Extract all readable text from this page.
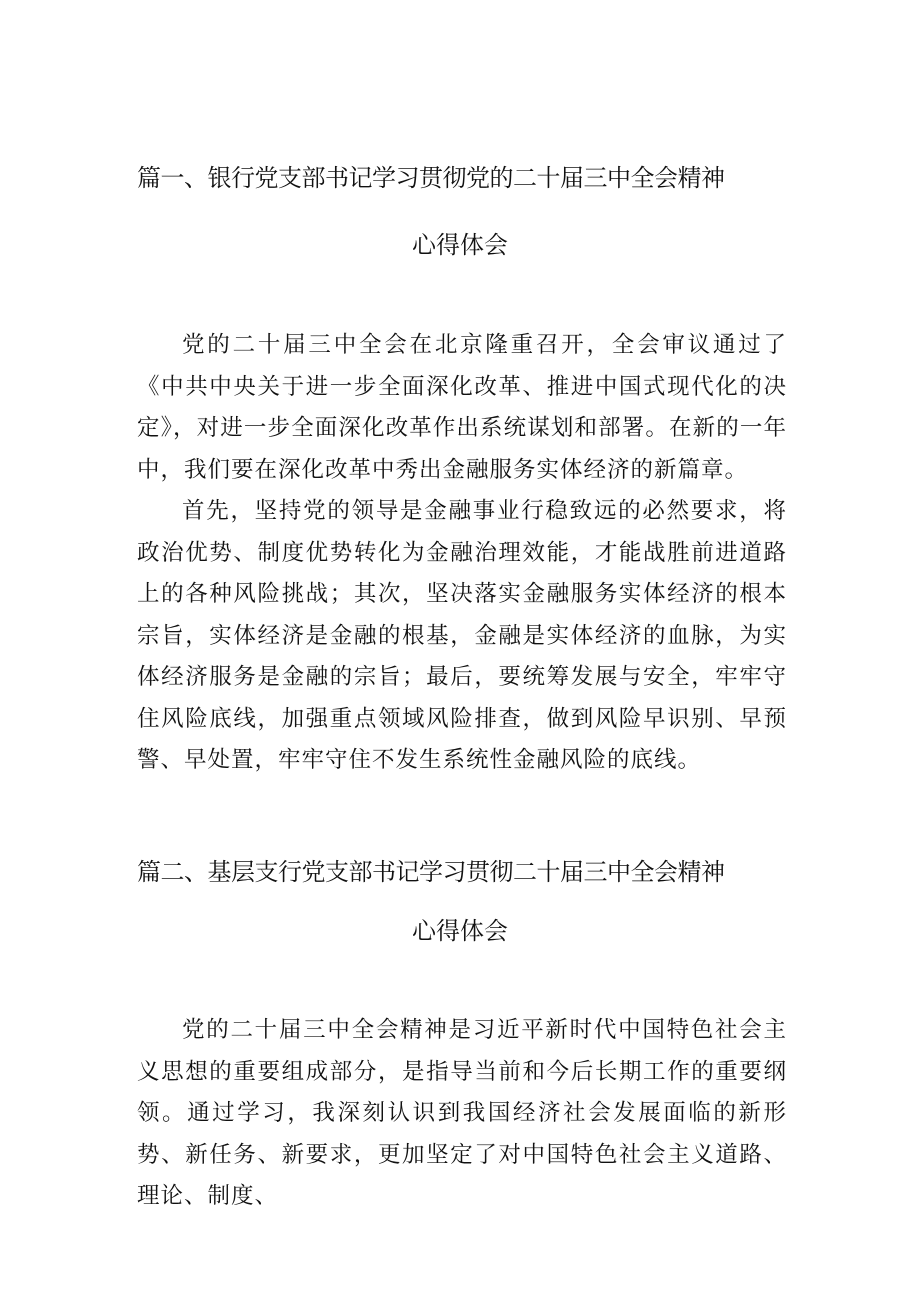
篇一、银行党支部书记学习贯彻党的二十届三中全会精神
心得体会

党的二十届三中全会在北京隆重召开，全会审议通过了《中共中央关于进一步全面深化改革、推进中国式现代化的决定》，对进一步全面深化改革作出系统谋划和部署。在新的一年中，我们要在深化改革中秀出金融服务实体经济的新篇章。

首先，坚持党的领导是金融事业行稳致远的必然要求，将政治优势、制度优势转化为金融治理效能，才能战胜前进道路上的各种风险挑战；其次，坚决落实金融服务实体经济的根本宗旨，实体经济是金融的根基，金融是实体经济的血脉，为实体经济服务是金融的宗旨；最后，要统筹发展与安全，牢牢守住风险底线，加强重点领域风险排查，做到风险早识别、早预警、早处置，牢牢守住不发生系统性金融风险的底线。

篇二、基层支行党支部书记学习贯彻二十届三中全会精神
心得体会

党的二十届三中全会精神是习近平新时代中国特色社会主义思想的重要组成部分，是指导当前和今后长期工作的重要纲领。通过学习，我深刻认识到我国经济社会发展面临的新形势、新任务、新要求，更加坚定了对中国特色社会主义道路、理论、制度、
